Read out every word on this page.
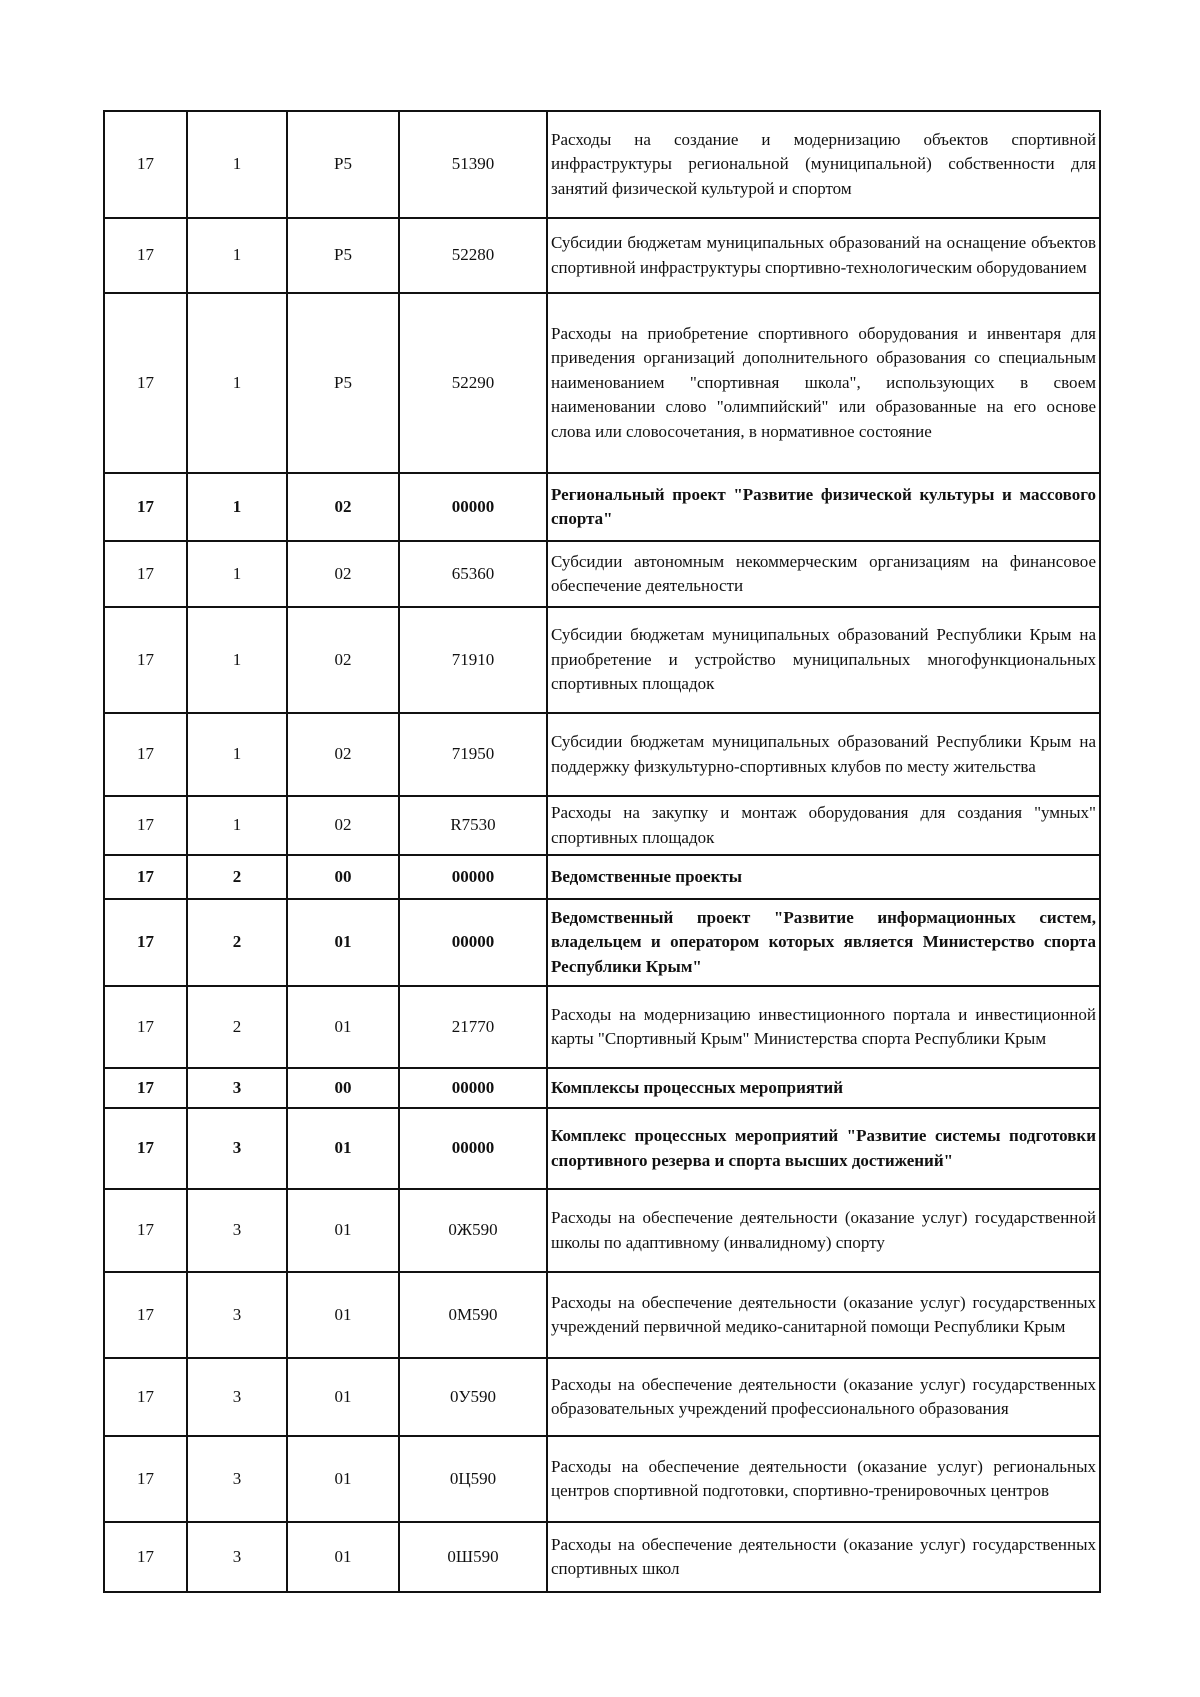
17	1	Р5	51390	Расходы на создание и модернизацию объектов спортивной инфраструктуры региональной (муниципальной) собственности для занятий физической культурой и спортом
17	1	Р5	52280	Субсидии бюджетам муниципальных образований на оснащение объектов спортивной инфраструктуры спортивно-технологическим оборудованием
17	1	Р5	52290	Расходы на приобретение спортивного оборудования и инвентаря для приведения организаций дополнительного образования со специальным наименованием "спортивная школа", использующих в своем наименовании слово "олимпийский" или образованные на его основе слова или словосочетания, в нормативное состояние
17	1	02	00000	Региональный проект "Развитие физической культуры и массового спорта"
17	1	02	65360	Субсидии автономным некоммерческим организациям на финансовое обеспечение деятельности
17	1	02	71910	Субсидии бюджетам муниципальных образований Республики Крым на приобретение и устройство муниципальных многофункциональных спортивных площадок
17	1	02	71950	Субсидии бюджетам муниципальных образований Республики Крым на поддержку физкультурно-спортивных клубов по месту жительства
17	1	02	R7530	Расходы на закупку и монтаж оборудования для создания "умных" спортивных площадок
17	2	00	00000	Ведомственные проекты
17	2	01	00000	Ведомственный проект "Развитие информационных систем, владельцем и оператором которых является Министерство спорта Республики Крым"
17	2	01	21770	Расходы на модернизацию инвестиционного портала и инвестиционной карты "Спортивный Крым" Министерства спорта Республики Крым
17	3	00	00000	Комплексы процессных мероприятий
17	3	01	00000	Комплекс процессных мероприятий "Развитие системы подготовки спортивного резерва и спорта высших достижений"
17	3	01	0Ж590	Расходы на обеспечение деятельности (оказание услуг) государственной школы по адаптивному (инвалидному) спорту
17	3	01	0М590	Расходы на обеспечение деятельности (оказание услуг) государственных учреждений первичной медико-санитарной помощи Республики Крым
17	3	01	0У590	Расходы на обеспечение деятельности (оказание услуг) государственных образовательных учреждений профессионального образования
17	3	01	0Ц590	Расходы на обеспечение деятельности (оказание услуг) региональных центров спортивной подготовки, спортивно-тренировочных центров
17	3	01	0Ш590	Расходы на обеспечение деятельности (оказание услуг) государственных спортивных школ
